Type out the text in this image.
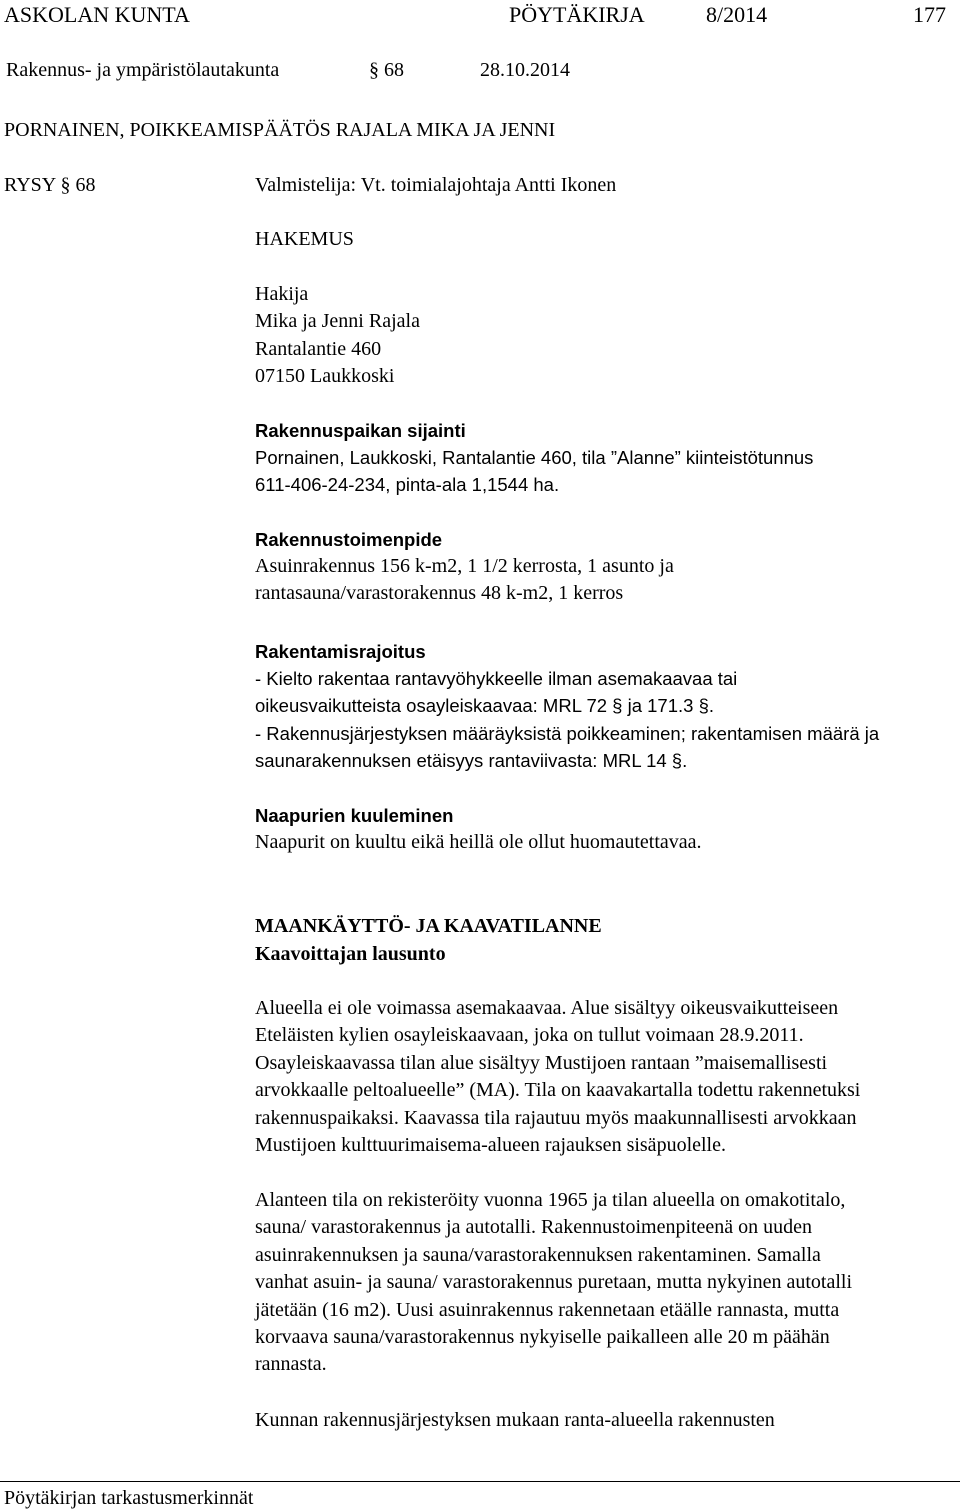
ASKOLAN KUNTA	PÖYTÄKIRJA	8/2014	177
Rakennus- ja ympäristölautakunta	§ 68	28.10.2014
PORNAINEN, POIKKEAMISPÄÄTÖS RAJALA MIKA JA JENNI
RYSY § 68	Valmistelija: Vt. toimialajohtaja Antti Ikonen
HAKEMUS
Hakija
Mika ja Jenni Rajala
Rantalantie 460
07150 Laukkoski
Rakennuspaikan sijainti
Pornainen, Laukkoski, Rantalantie 460, tila ”Alanne” kiinteistötunnus
611-406-24-234, pinta-ala 1,1544 ha.
Rakennustoimenpide
Asuinrakennus 156 k-m2, 1 1/2 kerrosta, 1 asunto ja
rantasauna/varastorakennus 48 k-m2, 1 kerros
Rakentamisrajoitus
- Kielto rakentaa rantavyöhykkeelle ilman asemakaavaa tai
oikeusvaikutteista osayleiskaavaa: MRL 72 § ja 171.3 §.
- Rakennusjärjestyksen määräyksistä poikkeaminen; rakentamisen määrä ja
saunarakennuksen etäisyys rantaviivasta: MRL 14 §.
Naapurien kuuleminen
Naapurit on kuultu eikä heillä ole ollut huomautettavaa.
MAANKÄYTTÖ- JA KAAVATILANNE
Kaavoittajan lausunto
Alueella ei ole voimassa asemakaavaa. Alue sisältyy oikeusvaikutteiseen
Eteläisten kylien osayleiskaavaan, joka on tullut voimaan 28.9.2011.
Osayleiskaavassa tilan alue sisältyy Mustijoen rantaan ”maisemallisesti
arvokkaalle peltoalueelle” (MA). Tila on kaavakartalla todettu rakennetuksi
rakennuspaikaksi. Kaavassa tila rajautuu myös maakunnallisesti arvokkaan
Mustijoen kulttuurimaisema-alueen rajauksen sisäpuolelle.
Alanteen tila on rekisteröity vuonna 1965 ja tilan alueella on omakotitalo,
sauna/ varastorakennus ja autotalli. Rakennustoimenpiteenä on uuden
asuinrakennuksen ja sauna/varastorakennuksen rakentaminen. Samalla
vanhat asuin- ja sauna/ varastorakennus puretaan, mutta nykyinen autotalli
jätetään (16 m2). Uusi asuinrakennus rakennetaan etäälle rannasta, mutta
korvaava sauna/varastorakennus nykyiselle paikalleen alle 20 m päähän
rannasta.
Kunnan rakennusjärjestyksen mukaan ranta-alueella rakennusten
Pöytäkirjan tarkastusmerkinnät
